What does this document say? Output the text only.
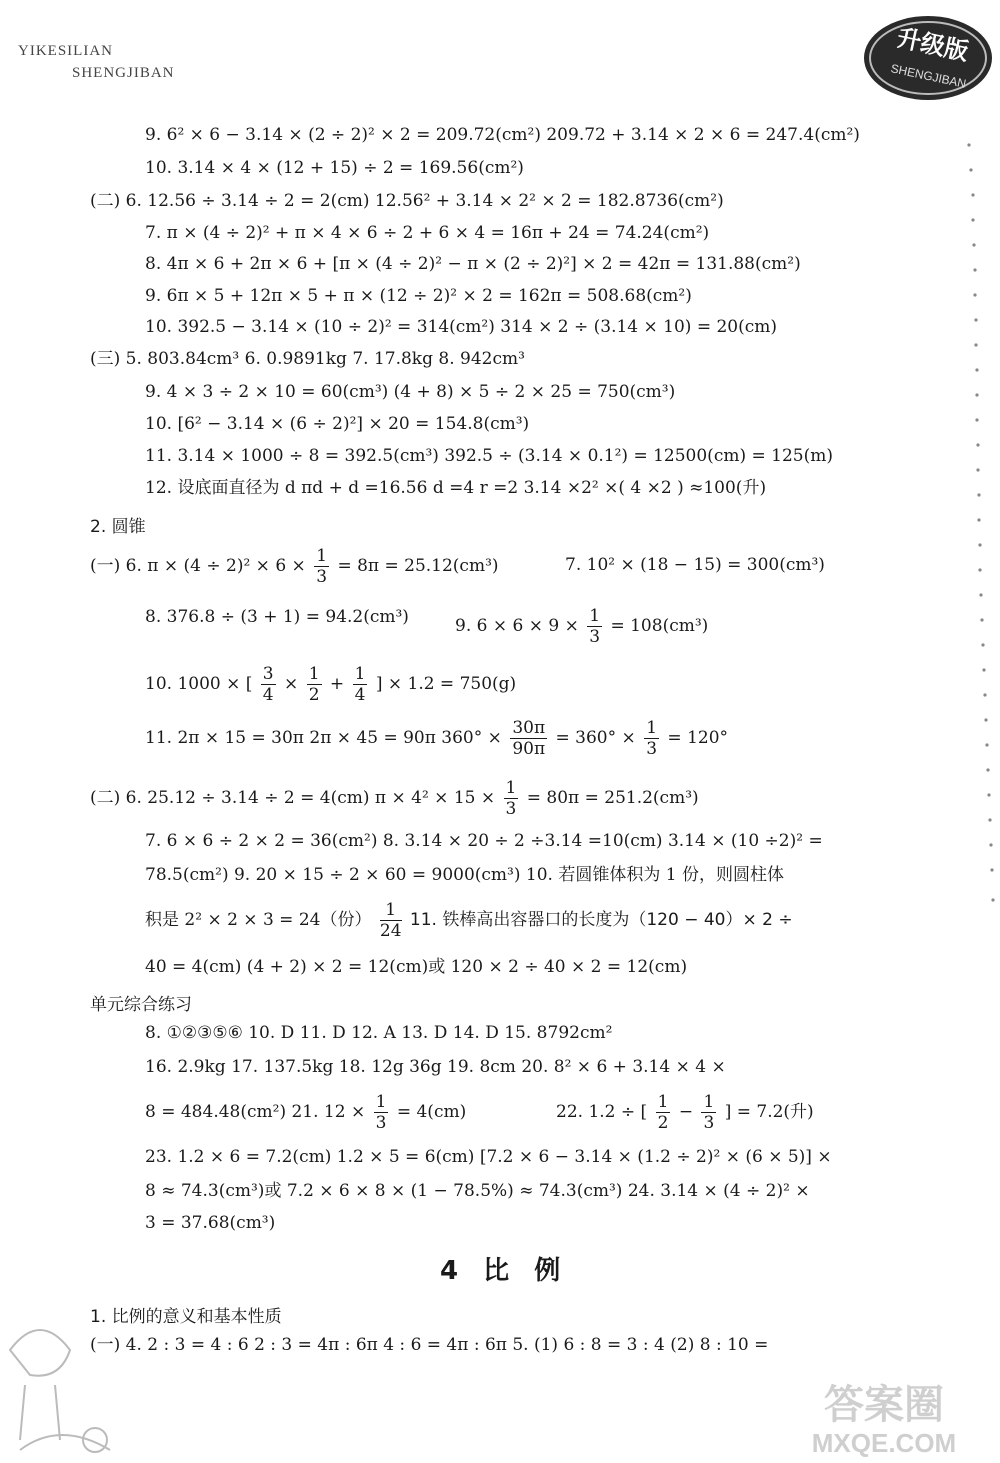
YIKESILIAN
SHENGJIBAN
升级版
SHENGJIBAN
9. 6² × 6 − 3.14 × (2 ÷ 2)² × 2 = 209.72(cm²) 209.72 + 3.14 × 2 × 6 = 247.4(cm²)
10. 3.14 × 4 × (12 + 15) ÷ 2 = 169.56(cm²)
(二) 6. 12.56 ÷ 3.14 ÷ 2 = 2(cm) 12.56² + 3.14 × 2² × 2 = 182.8736(cm²)
7. π × (4 ÷ 2)² + π × 4 × 6 ÷ 2 + 6 × 4 = 16π + 24 = 74.24(cm²)
8. 4π × 6 + 2π × 6 + [π × (4 ÷ 2)² − π × (2 ÷ 2)²] × 2 = 42π = 131.88(cm²)
9. 6π × 5 + 12π × 5 + π × (12 ÷ 2)² × 2 = 162π = 508.68(cm²)
10. 392.5 − 3.14 × (10 ÷ 2)² = 314(cm²) 314 × 2 ÷ (3.14 × 10) = 20(cm)
(三) 5. 803.84cm³ 6. 0.9891kg 7. 17.8kg 8. 942cm³
9. 4 × 3 ÷ 2 × 10 = 60(cm³) (4 + 8) × 5 ÷ 2 × 25 = 750(cm³)
10. [6² − 3.14 × (6 ÷ 2)²] × 20 = 154.8(cm³)
11. 3.14 × 1000 ÷ 8 = 392.5(cm³) 392.5 ÷ (3.14 × 0.1²) = 12500(cm) = 125(m)
12. 设底面直径为 d πd + d =16.56 d =4 r =2 3.14 ×2² ×( 4 ×2 ) ≈100(升)
2. 圆锥
(一) 6. $\pi \times (4 \div 2)^2 \times 6 \times \frac{1}{3} = 8\pi = 25.12(cm^3)$	7. 10² × (18 − 15) = 300(cm³)
8. 376.8 ÷ (3 + 1) = 94.2(cm³)	9. $6 \times 6 \times 9 \times \frac{1}{3} = 108(cm^3)$
10. 1000 × [ $\frac{3}{4} \times \frac{1}{2} + \frac{1}{4}$ ] × 1.2 = 750(g)
11. 2π × 15 = 30π 2π × 45 = 90π $360^\circ \times \frac{30\pi}{90\pi} = 360^\circ \times \frac{1}{3} = 120^\circ$
(二) 6. 25.12 ÷ 3.14 ÷ 2 = 4(cm) $\pi \times 4^2 \times 15 \times \frac{1}{3} = 80\pi = 251.2(cm^3)$
7. 6 × 6 ÷ 2 × 2 = 36(cm²) 8. 3.14 × 20 ÷ 2 ÷3.14 =10(cm) 3.14 × (10 ÷2)² =
78.5(cm²) 9. 20 × 15 ÷ 2 × 60 = 9000(cm³) 10. 若圆锥体积为 1 份，则圆柱体
积是 2² × 2 × 3 = 24（份） $\frac{1}{24} 11$. 铁棒高出容器口的长度为（120 − 40）× 2 ÷
40 = 4(cm) (4 + 2) × 2 = 12(cm)或 120 × 2 ÷ 40 × 2 = 12(cm)
单元综合练习
8. ①②③⑤⑥ 10. D 11. D 12. A 13. D 14. D 15. 8792cm²
16. 2.9kg 17. 137.5kg 18. 12g 36g 19. 8cm 20. 8² × 6 + 3.14 × 4 ×
8 = 484.48(cm²) 21. $12 \times \frac{1}{3} = 4(cm)$	22. 1.2 ÷ [ $\frac{1}{2} - \frac{1}{3}$ ] = 7.2(升)
23. 1.2 × 6 = 7.2(cm) 1.2 × 5 = 6(cm) [7.2 × 6 − 3.14 × (1.2 ÷ 2)² × (6 × 5)] ×
8 ≈ 74.3(cm³)或 7.2 × 6 × 8 × (1 − 78.5%) ≈ 74.3(cm³) 24. 3.14 × (4 ÷ 2)² ×
3 = 37.68(cm³)
4 比 例
1. 比例的意义和基本性质
(一) 4. 2 : 3 = 4 : 6 2 : 3 = 4π : 6π 4 : 6 = 4π : 6π 5. (1) 6 : 8 = 3 : 4 (2) 8 : 10 =
答案圈
MXQE.COM
